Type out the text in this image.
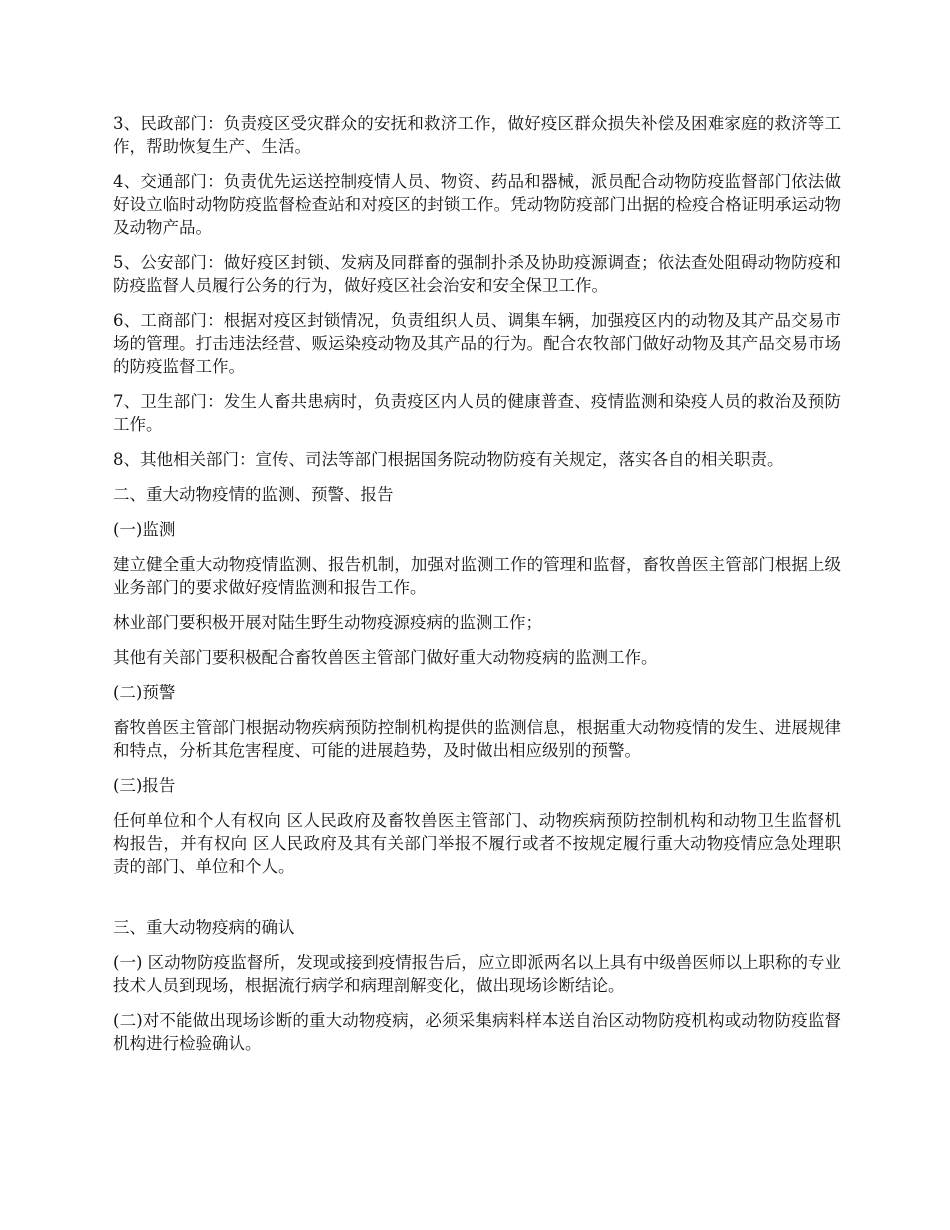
3、民政部门：负责疫区受灾群众的安抚和救济工作，做好疫区群众损失补偿及困难家庭的救济等工作，帮助恢复生产、生活。

4、交通部门：负责优先运送控制疫情人员、物资、药品和器械，派员配合动物防疫监督部门依法做好设立临时动物防疫监督检查站和对疫区的封锁工作。凭动物防疫部门出据的检疫合格证明承运动物及动物产品。

5、公安部门：做好疫区封锁、发病及同群畜的强制扑杀及协助疫源调查；依法查处阻碍动物防疫和防疫监督人员履行公务的行为，做好疫区社会治安和安全保卫工作。

6、工商部门：根据对疫区封锁情况，负责组织人员、调集车辆，加强疫区内的动物及其产品交易市场的管理。打击违法经营、贩运染疫动物及其产品的行为。配合农牧部门做好动物及其产品交易市场的防疫监督工作。

7、卫生部门：发生人畜共患病时，负责疫区内人员的健康普查、疫情监测和染疫人员的救治及预防工作。

8、其他相关部门：宣传、司法等部门根据国务院动物防疫有关规定，落实各自的相关职责。

二、重大动物疫情的监测、预警、报告

(一)监测

建立健全重大动物疫情监测、报告机制，加强对监测工作的管理和监督，畜牧兽医主管部门根据上级业务部门的要求做好疫情监测和报告工作。

林业部门要积极开展对陆生野生动物疫源疫病的监测工作；

其他有关部门要积极配合畜牧兽医主管部门做好重大动物疫病的监测工作。

(二)预警

畜牧兽医主管部门根据动物疾病预防控制机构提供的监测信息，根据重大动物疫情的发生、进展规律和特点，分析其危害程度、可能的进展趋势，及时做出相应级别的预警。

(三)报告

任何单位和个人有权向 区人民政府及畜牧兽医主管部门、动物疾病预防控制机构和动物卫生监督机构报告，并有权向 区人民政府及其有关部门举报不履行或者不按规定履行重大动物疫情应急处理职责的部门、单位和个人。

三、重大动物疫病的确认

(一) 区动物防疫监督所，发现或接到疫情报告后，应立即派两名以上具有中级兽医师以上职称的专业技术人员到现场，根据流行病学和病理剖解变化，做出现场诊断结论。

(二)对不能做出现场诊断的重大动物疫病，必须采集病料样本送自治区动物防疫机构或动物防疫监督机构进行检验确认。
